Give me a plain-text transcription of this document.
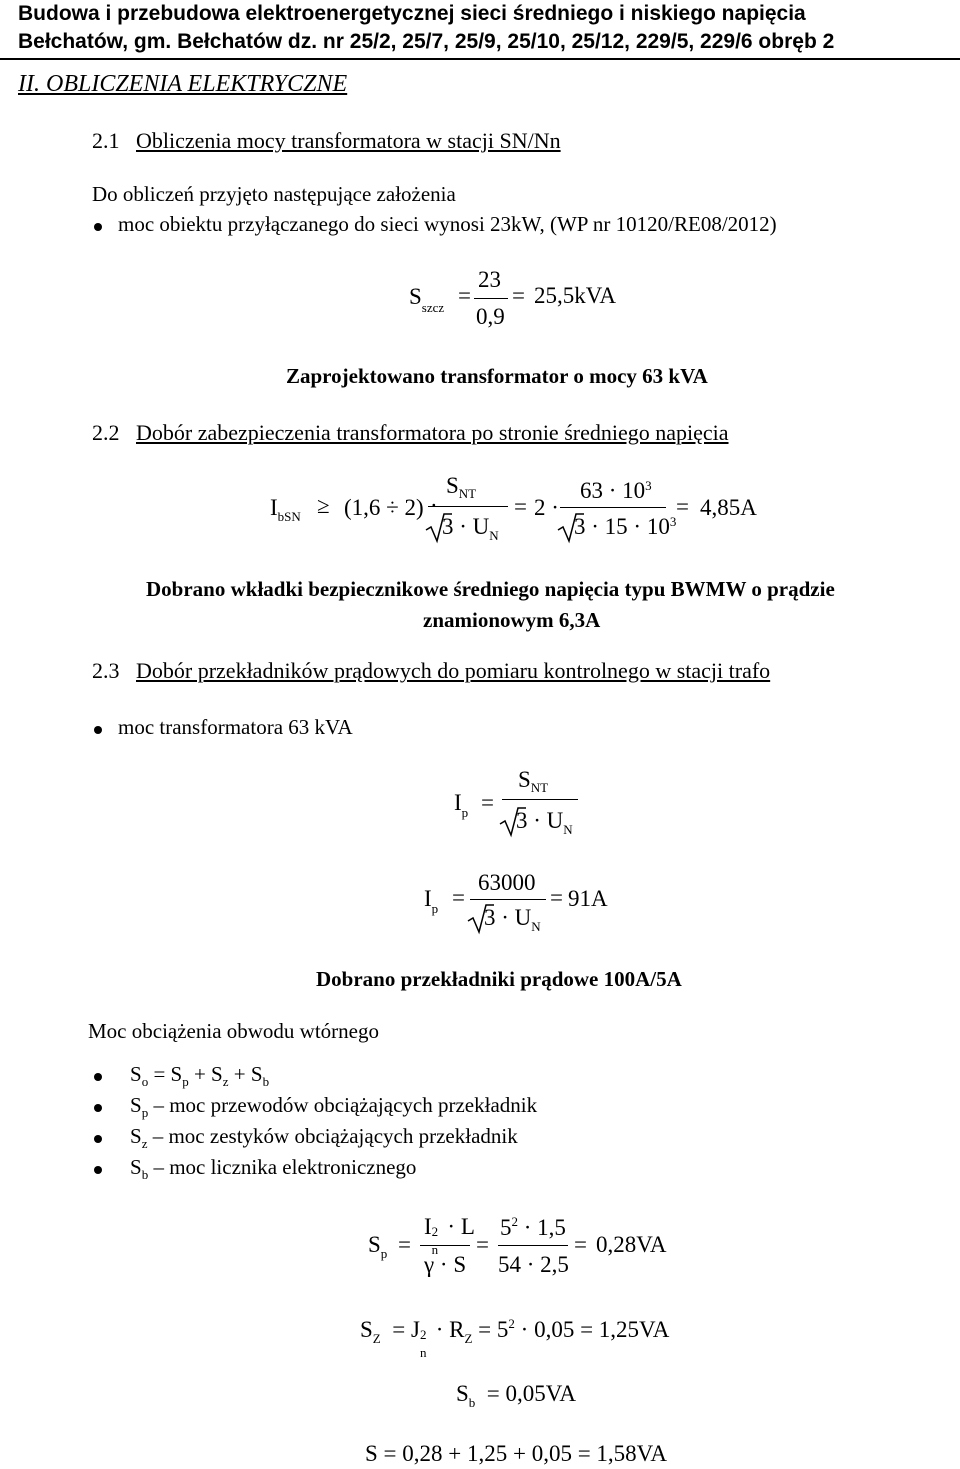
Budowa i przebudowa elektroenergetycznej sieci średniego i niskiego napięcia
Bełchatów, gm. Bełchatów dz. nr 25/2, 25/7, 25/9, 25/10, 25/12, 229/5, 229/6 obręb 2
II. OBLICZENIA ELEKTRYCZNE
2.1 Obliczenia mocy transformatora w stacji SN/Nn
Do obliczeń przyjęto następujące założenia
moc obiektu przyłączanego do sieci wynosi 23kW, (WP nr 10120/RE08/2012)
$S_{szcz}$ =
23
0,9
= 25,5kVA
Zaprojektowano transformator o mocy 63 kVA
2.2 Dobór zabezpieczenia transformatora po stronie średniego napięcia
$I_{bSN} \ge (1,6 \div 2)$ ·
$S_{NT}$
$3 \cdot U_N$
= 2 ·
$63 \cdot 10^3$
$3 \cdot 15 \cdot 10^3$
= 4,85A
Dobrano wkładki bezpiecznikowe średniego napięcia typu BWMW o prądzie
znamionowym 6,3A
2.3 Dobór przekładników prądowych do pomiaru kontrolnego w stacji trafo
moc transformatora 63 kVA
$I_p$ =
$S_{NT}$
$3 \cdot U_N$
$I_p$ =
63000
$3 \cdot U_N$
= 91A
Dobrano przekładniki prądowe 100A/5A
Moc obciążenia obwodu wtórnego
$S_o = S_p + S_z + S_b$
$S_p$ – moc przewodów obciążających przekładnik
$S_z$ – moc zestyków obciążających przekładnik
$S_b$ – moc licznika elektronicznego
$S_p$ =
I 2
n
· L
γ · S
=
$5^2 \cdot 1,5$
54 · 2,5
= 0,28VA
$S_Z = J$ 2
n
· $R_Z = 5^2 \cdot 0,05 = 1,25VA$
$S_b = 0,05VA$
S = 0,28 + 1,25 + 0,05 = 1,58VA
